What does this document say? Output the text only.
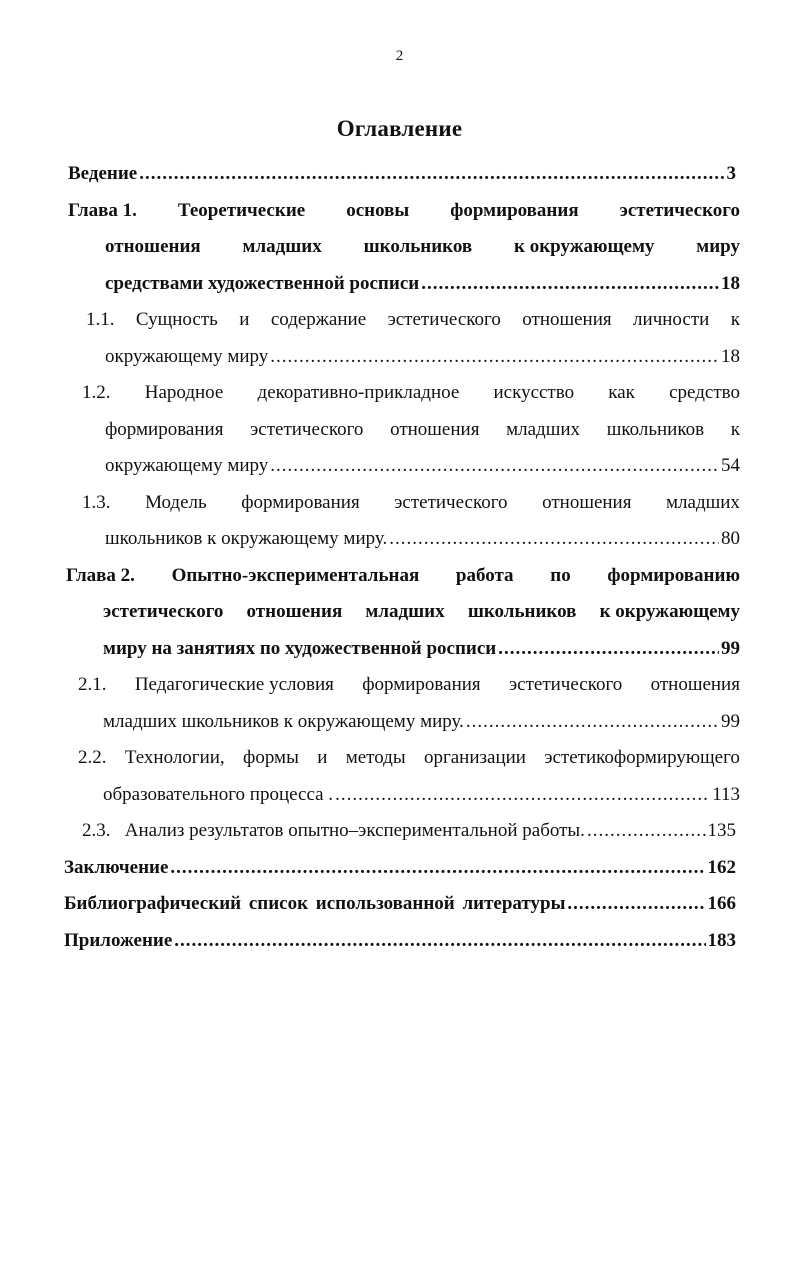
2
Оглавление
Ведение .....	3
Глава 1. Теоретические основы формирования эстетического
отношения младших школьников к окружающему миру
средствами художественной росписи .....	18
1.1. Сущность и содержание эстетического отношения личности к
окружающему миру .....	18
1.2. Народное декоративно-прикладное искусство как средство
формирования эстетического отношения младших школьников к
окружающему миру .....	54
1.3. Модель формирования эстетического отношения младших
школьников к окружающему миру. .....	80
Глава 2. Опытно-экспериментальная работа по формированию
эстетического отношения младших школьников к окружающему
миру на занятиях по художественной росписи .....	99
2.1. Педагогические условия формирования эстетического отношения
младших школьников к окружающему миру. .....	99
2.2. Технологии, формы и методы организации эстетикоформирующего
образовательного процесса . .....	113
2.3.   Анализ результатов опытно–экспериментальной работы. .....	135
Заключение .....	162
Библиографический список использованной литературы .....	166
Приложение .....	183
